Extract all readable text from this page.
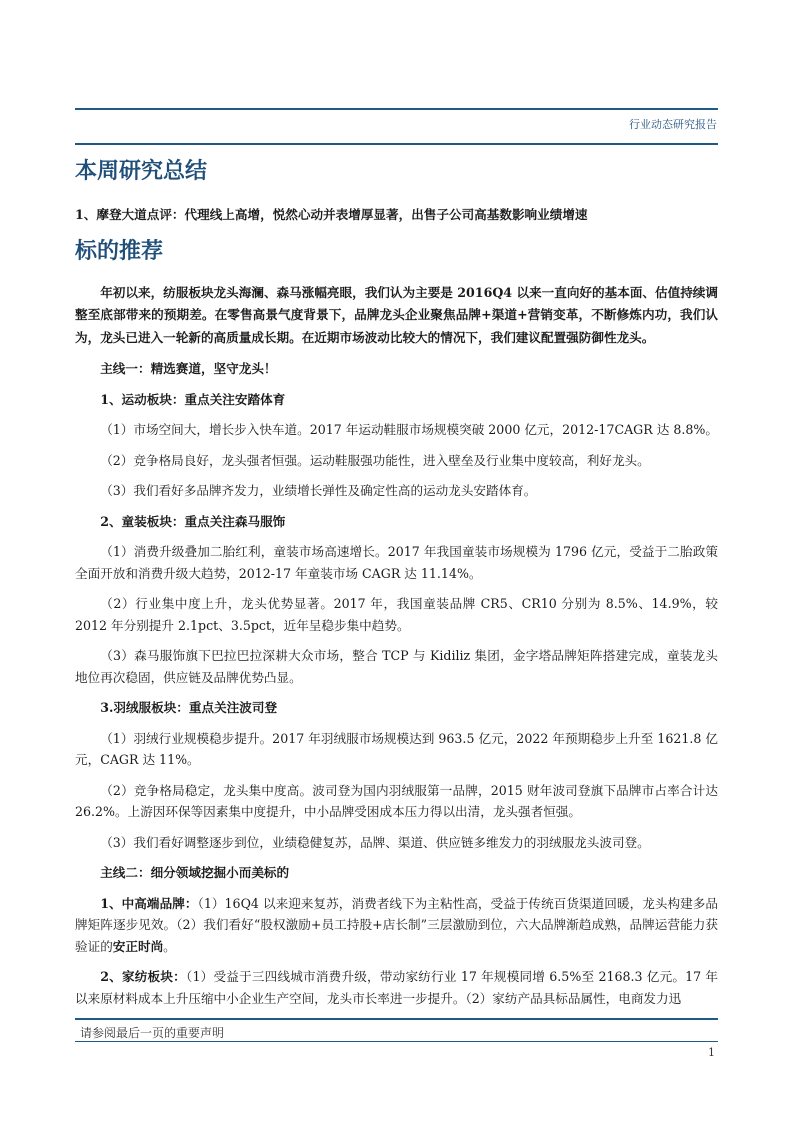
行业动态研究报告
本周研究总结

1、摩登大道点评：代理线上高增，悦然心动并表增厚显著，出售子公司高基数影响业绩增速

标的推荐

年初以来，纺服板块龙头海澜、森马涨幅亮眼，我们认为主要是 2016Q4 以来一直向好的基本面、估值持续调整至底部带来的预期差。在零售高景气度背景下，品牌龙头企业聚焦品牌+渠道+营销变革，不断修炼内功，我们认为，龙头已进入一轮新的高质量成长期。在近期市场波动比较大的情况下，我们建议配置强防御性龙头。

主线一：精选赛道，坚守龙头！

1、运动板块：重点关注安踏体育

（1）市场空间大，增长步入快车道。2017 年运动鞋服市场规模突破 2000 亿元，2012-17CAGR 达 8.8%。

（2）竞争格局良好，龙头强者恒强。运动鞋服强功能性，进入壁垒及行业集中度较高，利好龙头。

（3）我们看好多品牌齐发力，业绩增长弹性及确定性高的运动龙头安踏体育。

2、童装板块：重点关注森马服饰

（1）消费升级叠加二胎红利，童装市场高速增长。2017 年我国童装市场规模为 1796 亿元，受益于二胎政策全面开放和消费升级大趋势，2012-17 年童装市场 CAGR 达 11.14%。

（2）行业集中度上升，龙头优势显著。2017 年，我国童装品牌 CR5、CR10 分别为 8.5%、14.9%，较 2012 年分别提升 2.1pct、3.5pct，近年呈稳步集中趋势。

（3）森马服饰旗下巴拉巴拉深耕大众市场，整合 TCP 与 Kidiliz 集团，金字塔品牌矩阵搭建完成，童装龙头地位再次稳固，供应链及品牌优势凸显。

3.羽绒服板块：重点关注波司登

（1）羽绒行业规模稳步提升。2017 年羽绒服市场规模达到 963.5 亿元，2022 年预期稳步上升至 1621.8 亿元，CAGR 达 11%。

（2）竞争格局稳定，龙头集中度高。波司登为国内羽绒服第一品牌，2015 财年波司登旗下品牌市占率合计达 26.2%。上游因环保等因素集中度提升，中小品牌受困成本压力得以出清，龙头强者恒强。

（3）我们看好调整逐步到位，业绩稳健复苏，品牌、渠道、供应链多维发力的羽绒服龙头波司登。

主线二：细分领域挖掘小而美标的

1、中高端品牌：（1）16Q4 以来迎来复苏，消费者线下为主粘性高，受益于传统百货渠道回暖，龙头构建多品牌矩阵逐步见效。（2）我们看好“股权激励+员工持股+店长制”三层激励到位，六大品牌渐趋成熟，品牌运营能力获验证的安正时尚。

2、家纺板块：（1）受益于三四线城市消费升级，带动家纺行业 17 年规模同增 6.5%至 2168.3 亿元。17 年以来原材料成本上升压缩中小企业生产空间，龙头市长率进一步提升。（2）家纺产品具标品属性，电商发力迅

请参阅最后一页的重要声明
1
